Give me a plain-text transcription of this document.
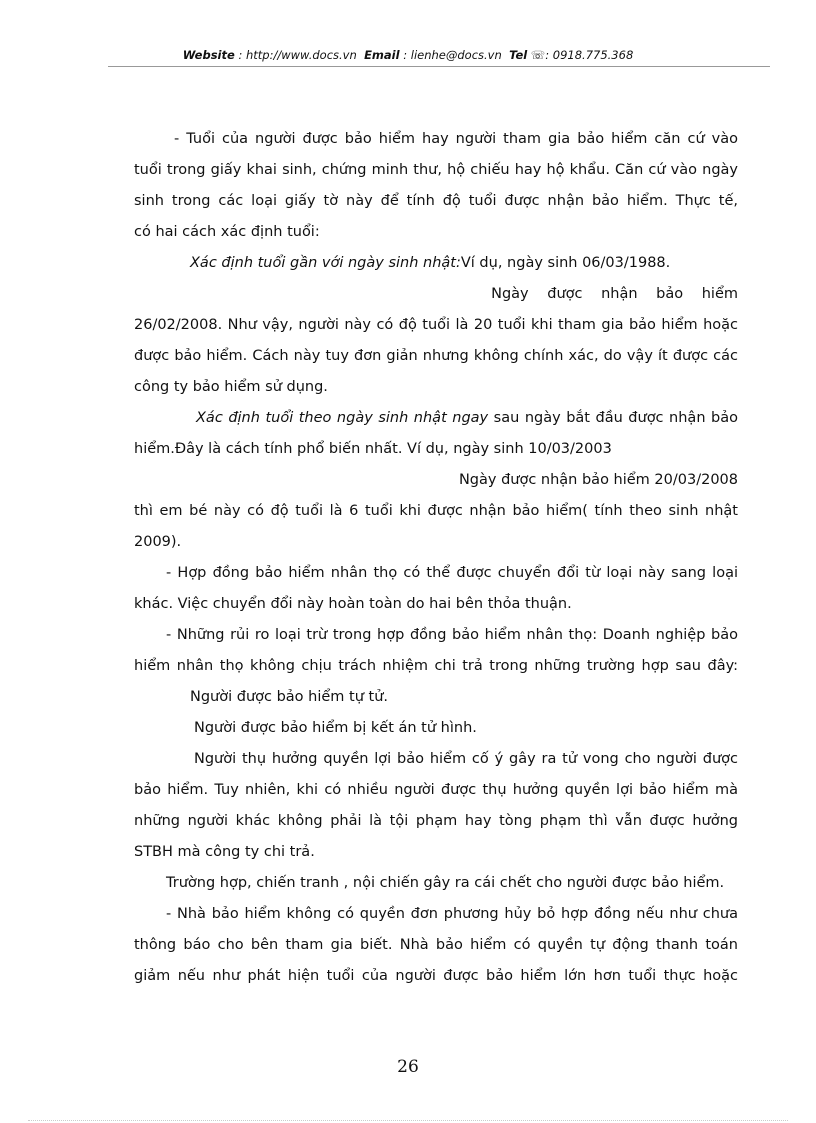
Website : http://www.docs.vn Email : lienhe@docs.vn Tel ☏: 0918.775.368
- Tuổi của người được bảo hiểm hay người tham gia bảo hiểm căn cứ vào
tuổi trong giấy khai sinh, chứng minh thư, hộ chiếu hay hộ khẩu. Căn cứ vào ngày
sinh trong các loại giấy tờ này để tính độ tuổi được nhận bảo hiểm. Thực tế,
có hai cách xác định tuổi:
Xác định tuổi gần với ngày sinh nhật:Ví dụ, ngày sinh 06/03/1988.
Ngày được nhận bảo hiểm
26/02/2008. Như vậy, người này có độ tuổi là 20 tuổi khi tham gia bảo hiểm hoặc
được bảo hiểm. Cách này tuy đơn giản nhưng không chính xác, do vậy ít được các
công ty bảo hiểm sử dụng.
Xác định tuổi theo ngày sinh nhật ngay sau ngày bắt đầu được nhận bảo
hiểm.Đây là cách tính phổ biến nhất. Ví dụ, ngày sinh 10/03/2003
Ngày được nhận bảo hiểm 20/03/2008
thì em bé này có độ tuổi là 6 tuổi khi được nhận bảo hiểm( tính theo sinh nhật
2009).
- Hợp đồng bảo hiểm nhân thọ có thể được chuyển đổi từ loại này sang loại
khác. Việc chuyển đổi này hoàn toàn do hai bên thỏa thuận.
- Những rủi ro loại trừ trong hợp đồng bảo hiểm nhân thọ: Doanh nghiệp bảo
hiểm nhân thọ không chịu trách nhiệm chi trả trong những trường hợp sau đây:
Người được bảo hiểm tự tử.
Người được bảo hiểm bị kết án tử hình.
Người thụ hưởng quyền lợi bảo hiểm cố ý gây ra tử vong cho người được
bảo hiểm. Tuy nhiên, khi có nhiều người được thụ hưởng quyền lợi bảo hiểm mà
những người khác không phải là tội phạm hay tòng phạm thì vẫn được hưởng
STBH mà công ty chi trả.
Trường hợp, chiến tranh , nội chiến gây ra cái chết cho người được bảo hiểm.
- Nhà bảo hiểm không có quyền đơn phương hủy bỏ hợp đồng nếu như chưa
thông báo cho bên tham gia biết. Nhà bảo hiểm có quyền tự động thanh toán
giảm nếu như phát hiện tuổi của người được bảo hiểm lớn hơn tuổi thực hoặc
26
